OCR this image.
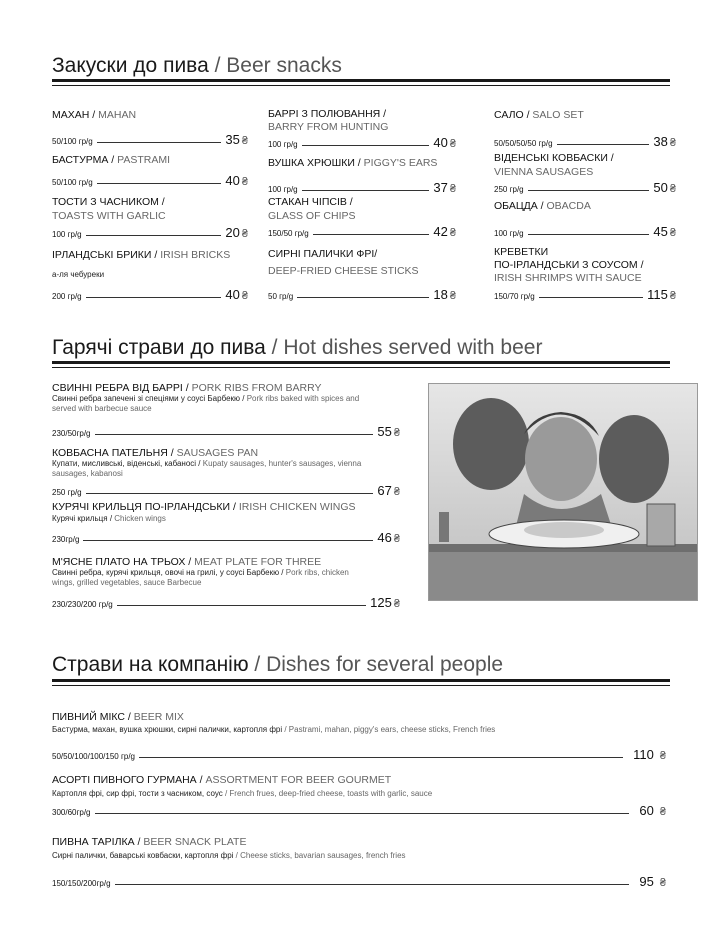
Закуски до пива / Beer snacks
МАХАН / MAHAN
50/100 гр/g	35 ₴
БАСТУРМА / PASTRAMI
50/100 гр/g	40 ₴
ТОСТИ З ЧАСНИКОМ /
TOASTS WITH GARLIC
100 гр/g	20 ₴
ІРЛАНДСЬКІ БРИКИ / IRISH BRICKS
а-ля чебуреки
200 гр/g	40 ₴
БАРРІ З ПОЛЮВАННЯ /
BARRY FROM HUNTING
100 гр/g	40 ₴
ВУШКА ХРЮШКИ / PIGGY'S EARS
100 гр/g	37 ₴
СТАКАН ЧІПСІВ /
GLASS OF CHIPS
150/50 гр/g	42 ₴
СИРНІ ПАЛИЧКИ ФРІ/
DEEP-FRIED CHEESE STICKS
50 гр/g	18 ₴
САЛО / SALO SET
50/50/50/50 гр/g	38 ₴
ВІДЕНСЬКІ КОВБАСКИ /
VIENNA SAUSAGES
250 гр/g	50 ₴
ОБАЦДА / OBACDA
100 гр/g	45 ₴
КРЕВЕТКИ
ПО-ІРЛАНДСЬКИ З СОУСОМ /
IRISH SHRIMPS WITH SAUCE
150/70 гр/g	115 ₴
Гарячі страви до пива / Hot dishes served with beer
СВИННІ РЕБРА ВІД БАРРІ / PORK RIBS FROM BARRY
Свинні ребра запечені зі спеціями у соусі Барбекю / Pork ribs baked with spices and served with barbecue sauce
230/50гр/g	55 ₴
КОВБАСНА ПАТЕЛЬНЯ / SAUSAGES PAN
Купати, мисливські, віденські, кабаносі / Kupaty sausages, hunter's sausages, vienna sausages, kabanosi
250 гр/g	67 ₴
КУРЯЧІ КРИЛЬЦЯ ПО-ІРЛАНДСЬКИ / IRISH CHICKEN WINGS
Курячі крильця / Chicken wings
230гр/g	46 ₴
М'ЯСНЕ ПЛАТО НА ТРЬОХ / MEAT PLATE FOR THREE
Свинні ребра, курячі крильця, овочі на грилі, у соусі Барбекю / Pork ribs, chicken wings, grilled vegetables, sauce Barbecue
230/230/200 гр/g	125 ₴
Страви на компанію / Dishes for several people
ПИВНИЙ МІКС / BEER MIX
Бастурма, махан, вушка хрюшки, сирні палички, картопля фрі / Pastrami, mahan, piggy's ears, cheese sticks, French fries
50/50/100/100/150 гр/g	110 ₴
АСОРТІ ПИВНОГО ГУРМАНА / ASSORTMENT FOR BEER GOURMET
Картопля фрі, сир фрі, тости з часником, соус / French frues, deep-fried cheese, toasts with garlic, sauce
300/60гр/g	60 ₴
ПИВНА ТАРІЛКА / BEER SNACK PLATE
Сирні палички, баварські ковбаски, картопля фрі / Cheese sticks, bavarian sausages, french fries
150/150/200гр/g	95 ₴
